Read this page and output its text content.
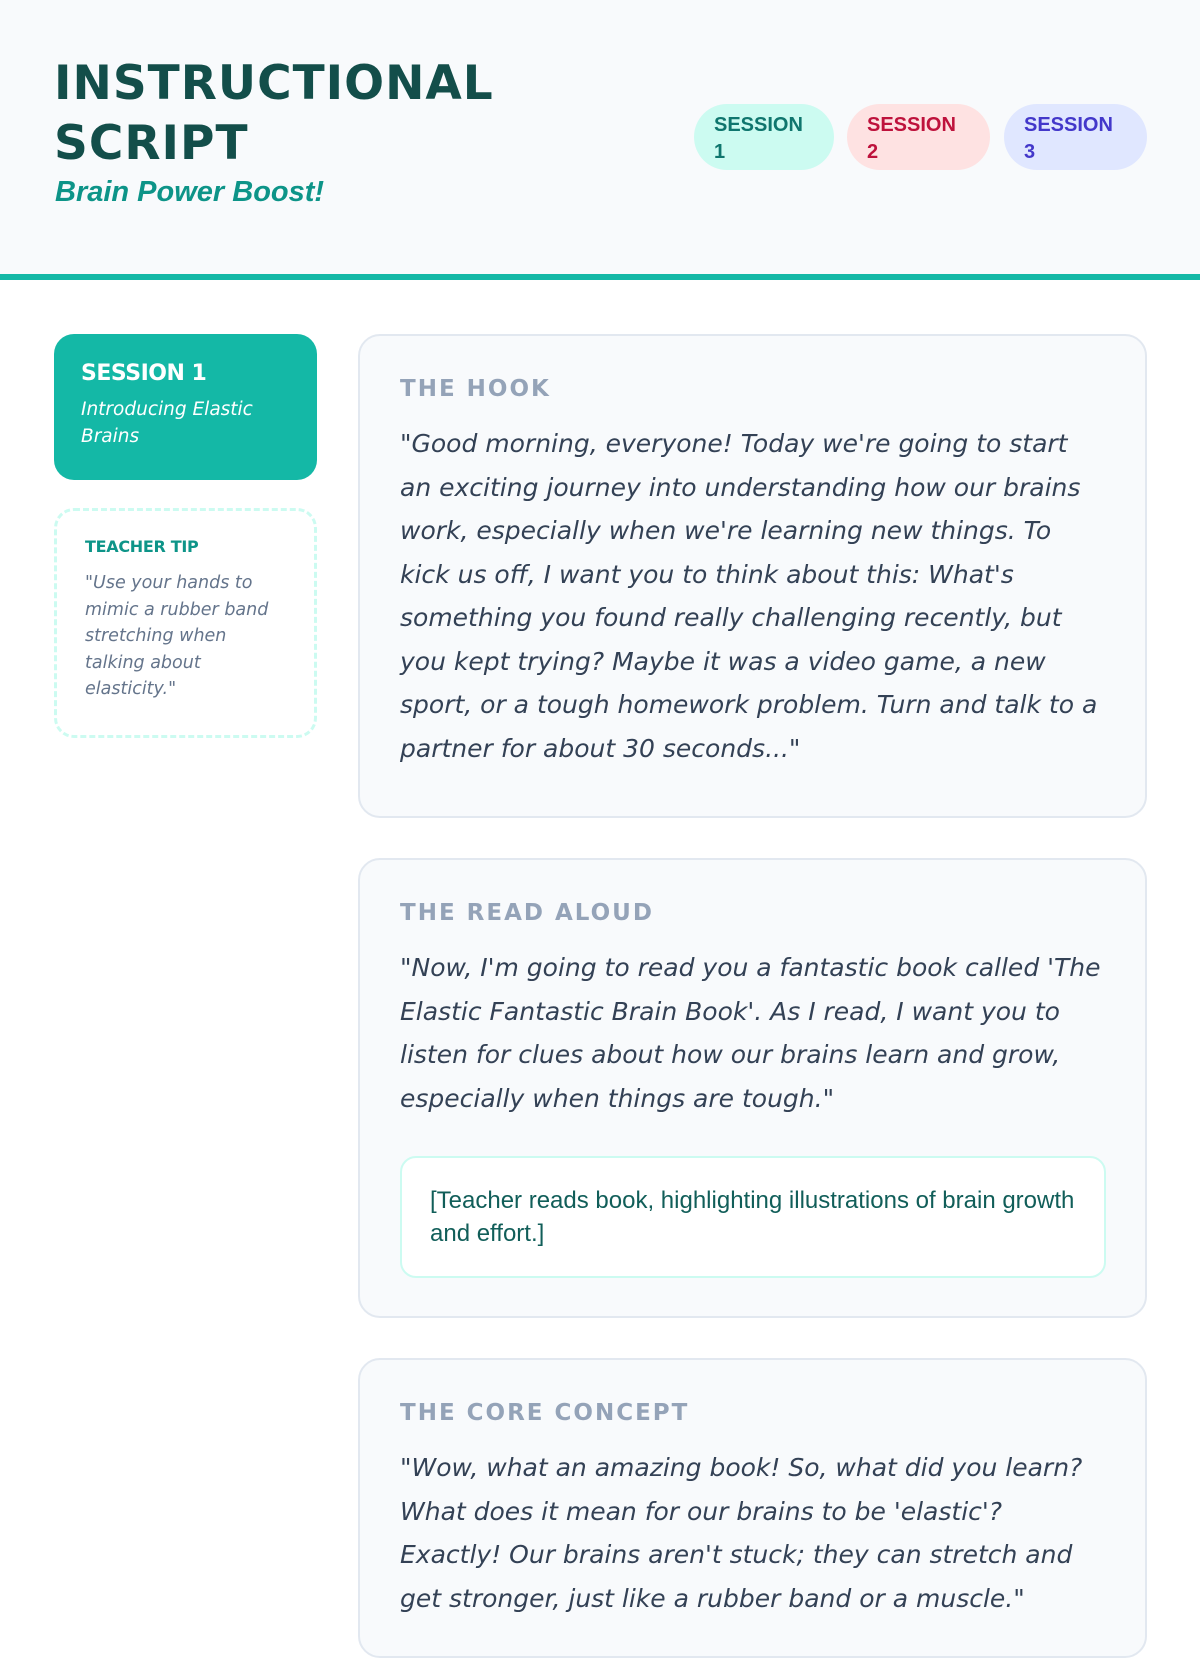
INSTRUCTIONAL SCRIPT

Brain Power Boost!

SESSION 1
SESSION 2
SESSION 3

SESSION 1

Introducing Elastic Brains

TEACHER TIP

"Use your hands to mimic a rubber band stretching when talking about elasticity."

THE HOOK

"Good morning, everyone! Today we're going to start an exciting journey into understanding how our brains work, especially when we're learning new things. To kick us off, I want you to think about this: What's something you found really challenging recently, but you kept trying? Maybe it was a video game, a new sport, or a tough homework problem. Turn and talk to a partner for about 30 seconds..."

THE READ ALOUD

"Now, I'm going to read you a fantastic book called 'The Elastic Fantastic Brain Book'. As I read, I want you to listen for clues about how our brains learn and grow, especially when things are tough."

[Teacher reads book, highlighting illustrations of brain growth and effort.]

THE CORE CONCEPT

"Wow, what an amazing book! So, what did you learn? What does it mean for our brains to be 'elastic'? Exactly! Our brains aren't stuck; they can stretch and get stronger, just like a rubber band or a muscle."
